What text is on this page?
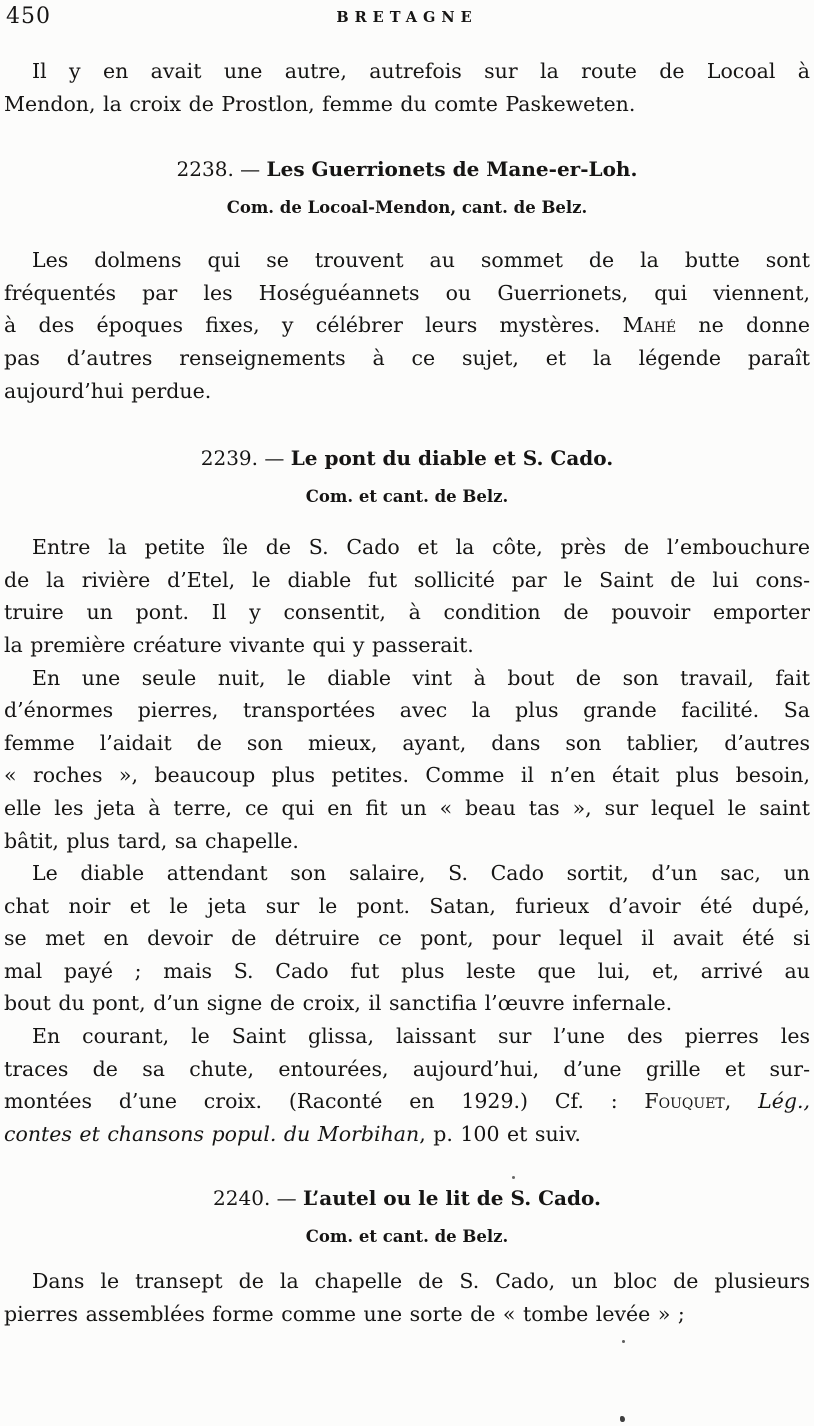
450	BRETAGNE
Il y en avait une autre, autrefois sur la route de Locoal à
Mendon, la croix de Prostlon, femme du comte Paskeweten.

2238. — Les Guerrionets de Mane-er-Loh.

Com. de Locoal-Mendon, cant. de Belz.

Les dolmens qui se trouvent au sommet de la butte sont
fréquentés par les Hoséguéannets ou Guerrionets, qui viennent,
à des époques fixes, y célébrer leurs mystères. Mahé ne donne
pas d’autres renseignements à ce sujet, et la légende paraît
aujourd’hui perdue.

2239. — Le pont du diable et S. Cado.

Com. et cant. de Belz.

Entre la petite île de S. Cado et la côte, près de l’embouchure
de la rivière d’Etel, le diable fut sollicité par le Saint de lui cons-
truire un pont. Il y consentit, à condition de pouvoir emporter
la première créature vivante qui y passerait.
En une seule nuit, le diable vint à bout de son travail, fait
d’énormes pierres, transportées avec la plus grande facilité. Sa
femme l’aidait de son mieux, ayant, dans son tablier, d’autres
« roches », beaucoup plus petites. Comme il n’en était plus besoin,
elle les jeta à terre, ce qui en fit un « beau tas », sur lequel le saint
bâtit, plus tard, sa chapelle.
Le diable attendant son salaire, S. Cado sortit, d’un sac, un
chat noir et le jeta sur le pont. Satan, furieux d’avoir été dupé,
se met en devoir de détruire ce pont, pour lequel il avait été si
mal payé ; mais S. Cado fut plus leste que lui, et, arrivé au
bout du pont, d’un signe de croix, il sanctifia l’œuvre infernale.
En courant, le Saint glissa, laissant sur l’une des pierres les
traces de sa chute, entourées, aujourd’hui, d’une grille et sur-
montées d’une croix. (Raconté en 1929.) Cf. : Fouquet, Lég.,
contes et chansons popul. du Morbihan, p. 100 et suiv.

2240. — L’autel ou le lit de S. Cado.

Com. et cant. de Belz.

Dans le transept de la chapelle de S. Cado, un bloc de plusieurs
pierres assemblées forme comme une sorte de « tombe levée » ;
